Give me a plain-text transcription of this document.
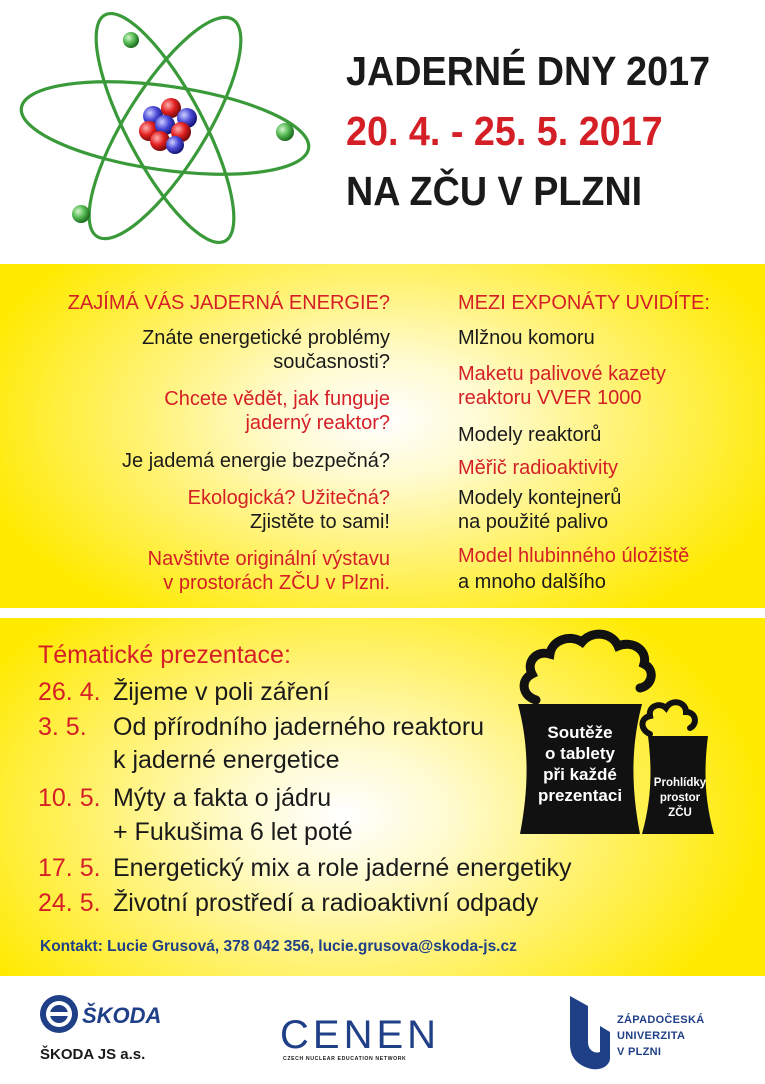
JADERNÉ DNY 2017
20. 4. - 25. 5. 2017
NA ZČU V PLZNI
ZAJÍMÁ VÁS JADERNÁ ENERGIE?
Znáte energetické problémy
současnosti?
Chcete vědět, jak funguje
jaderný reaktor?
Je jademá energie bezpečná?
Ekologická? Užitečná?
Zjistěte to sami!
Navštivte originální výstavu
v prostorách ZČU v Plzni.
MEZI EXPONÁTY UVIDÍTE:
Mlžnou komoru
Maketu palivové kazety
reaktoru VVER 1000
Modely reaktorů
Měřič radioaktivity
Modely kontejnerů
na použité palivo
Model hlubinného úložiště
a mnoho dalšího
Tématické prezentace:
26. 4. Žijeme v poli záření
3. 5. Od přírodního jaderného reaktoru
k jaderné energetice
10. 5. Mýty a fakta o jádru
+ Fukušima 6 let poté
17. 5. Energetický mix a role jaderné energetiky
24. 5. Životní prostředí a radioaktivní odpady
Soutěže
o tablety
při každé
prezentaci
Prohlídky
prostor
ZČU
Kontakt: Lucie Grusová, 378 042 356, lucie.grusova@skoda-js.cz
ŠKODA
ŠKODA JS a.s.	CENEN
CZECH NUCLEAR EDUCATION NETWORK
ZÁPADOČESKÁ
UNIVERZITA
V PLZNI
